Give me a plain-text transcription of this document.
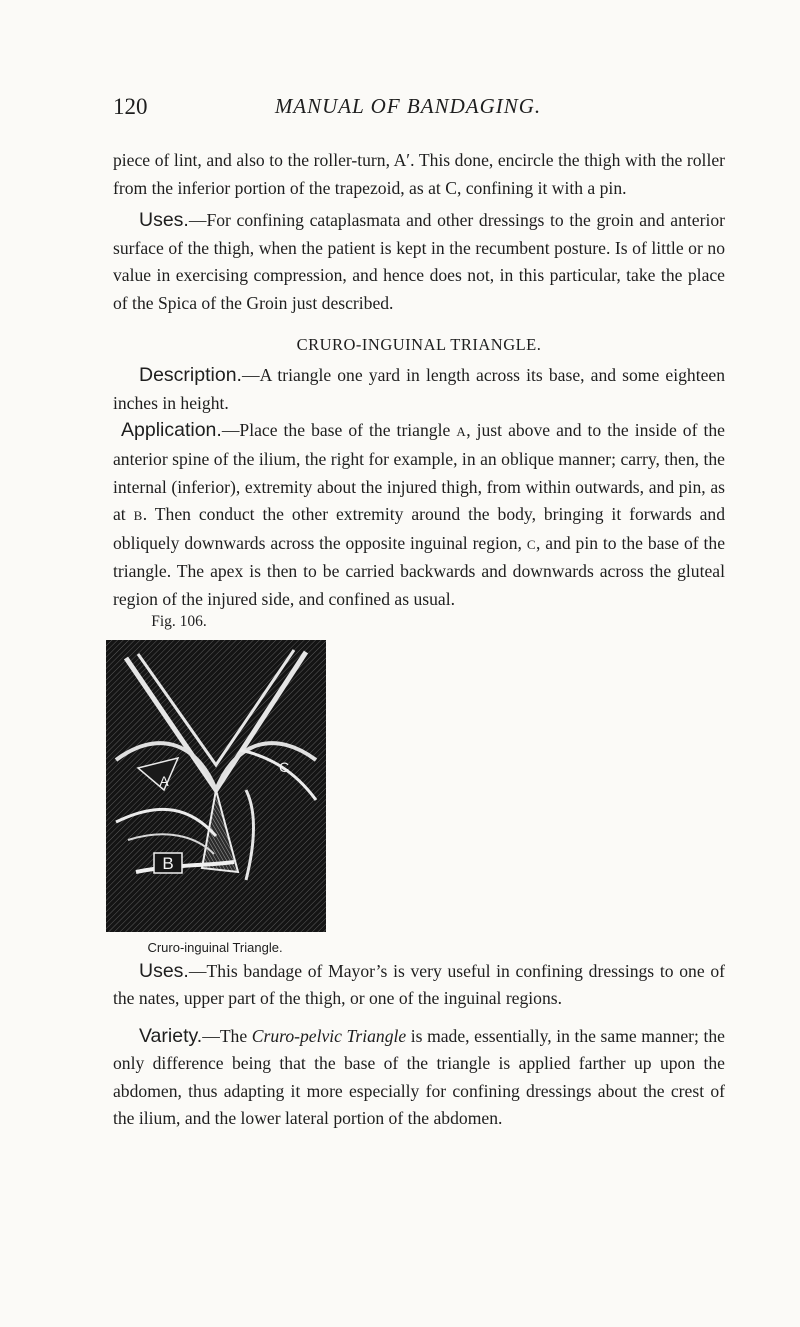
120	MANUAL OF BANDAGING.

piece of lint, and also to the roller-turn, A′. This done, encircle the thigh with the roller from the inferior portion of the trapezoid, as at C, confining it with a pin.

Uses.—For confining cataplasmata and other dressings to the groin and anterior surface of the thigh, when the patient is kept in the recumbent posture. Is of little or no value in exercising compression, and hence does not, in this particular, take the place of the Spica of the Groin just described.

CRURO-INGUINAL TRIANGLE.

Description.—A triangle one yard in length across its base, and some eighteen inches in height.

Application.—Place the base of the triangle A, just above and to the inside of the anterior spine of the ilium, the right for example, in an oblique manner; carry, then, the internal (inferior), extremity about the injured thigh, from within outwards, and pin, as at B. Then conduct the other extremity around the body, bringing it forwards and obliquely downwards across the opposite inguinal region, C, and pin to the base of the triangle. The apex is then to be carried backwards and downwards across the gluteal region of the injured side, and confined as usual.

Fig. 106.
B
A
C
Cruro-inguinal Triangle.

Uses.—This bandage of Mayor’s is very useful in confining dressings to one of the nates, upper part of the thigh, or one of the inguinal regions.

Variety.—The Cruro-pelvic Triangle is made, essentially, in the same manner; the only difference being that the base of the triangle is applied farther up upon the abdomen, thus adapting it more especially for confining dressings about the crest of the ilium, and the lower lateral portion of the abdomen.
